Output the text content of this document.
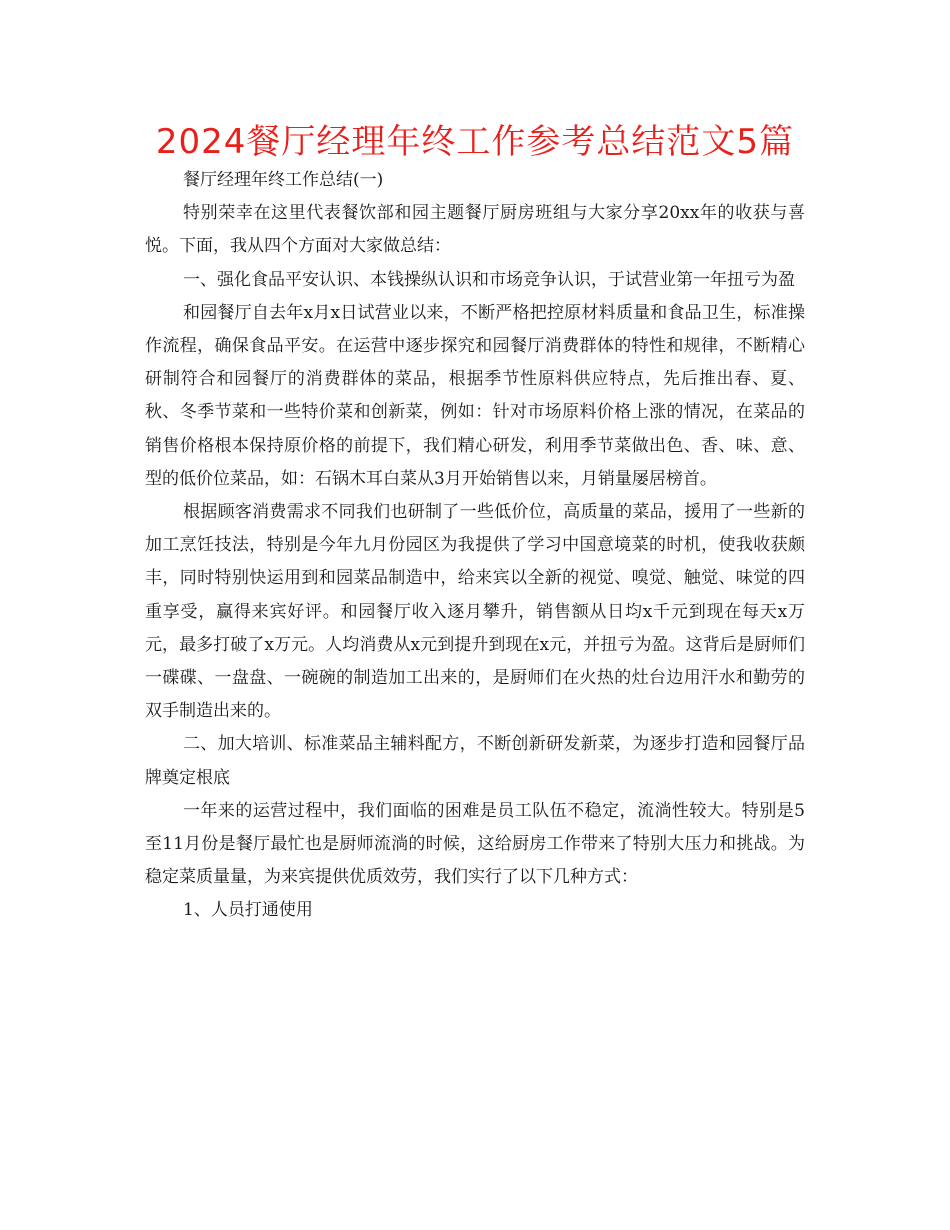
2024餐厅经理年终工作参考总结范文5篇

餐厅经理年终工作总结(一)

特别荣幸在这里代表餐饮部和园主题餐厅厨房班组与大家分享20xx年的收获与喜悦。下面，我从四个方面对大家做总结：

一、强化食品平安认识、本钱操纵认识和市场竞争认识，于试营业第一年扭亏为盈

和园餐厅自去年x月x日试营业以来，不断严格把控原材料质量和食品卫生，标准操作流程，确保食品平安。在运营中逐步探究和园餐厅消费群体的特性和规律，不断精心研制符合和园餐厅的消费群体的菜品，根据季节性原料供应特点，先后推出春、夏、秋、冬季节菜和一些特价菜和创新菜，例如：针对市场原料价格上涨的情况，在菜品的销售价格根本保持原价格的前提下，我们精心研发，利用季节菜做出色、香、味、意、型的低价位菜品，如：石锅木耳白菜从3月开始销售以来，月销量屡居榜首。

根据顾客消费需求不同我们也研制了一些低价位，高质量的菜品，援用了一些新的加工烹饪技法，特别是今年九月份园区为我提供了学习中国意境菜的时机，使我收获颇丰，同时特别快运用到和园菜品制造中，给来宾以全新的视觉、嗅觉、触觉、味觉的四重享受，赢得来宾好评。和园餐厅收入逐月攀升，销售额从日均x千元到现在每天x万元，最多打破了x万元。人均消费从x元到提升到现在x元，并扭亏为盈。这背后是厨师们一碟碟、一盘盘、一碗碗的制造加工出来的，是厨师们在火热的灶台边用汗水和勤劳的双手制造出来的。

二、加大培训、标准菜品主辅料配方，不断创新研发新菜，为逐步打造和园餐厅品牌奠定根底

一年来的运营过程中，我们面临的困难是员工队伍不稳定，流淌性较大。特别是5至11月份是餐厅最忙也是厨师流淌的时候，这给厨房工作带来了特别大压力和挑战。为稳定菜质量量，为来宾提供优质效劳，我们实行了以下几种方式：

1、人员打通使用
